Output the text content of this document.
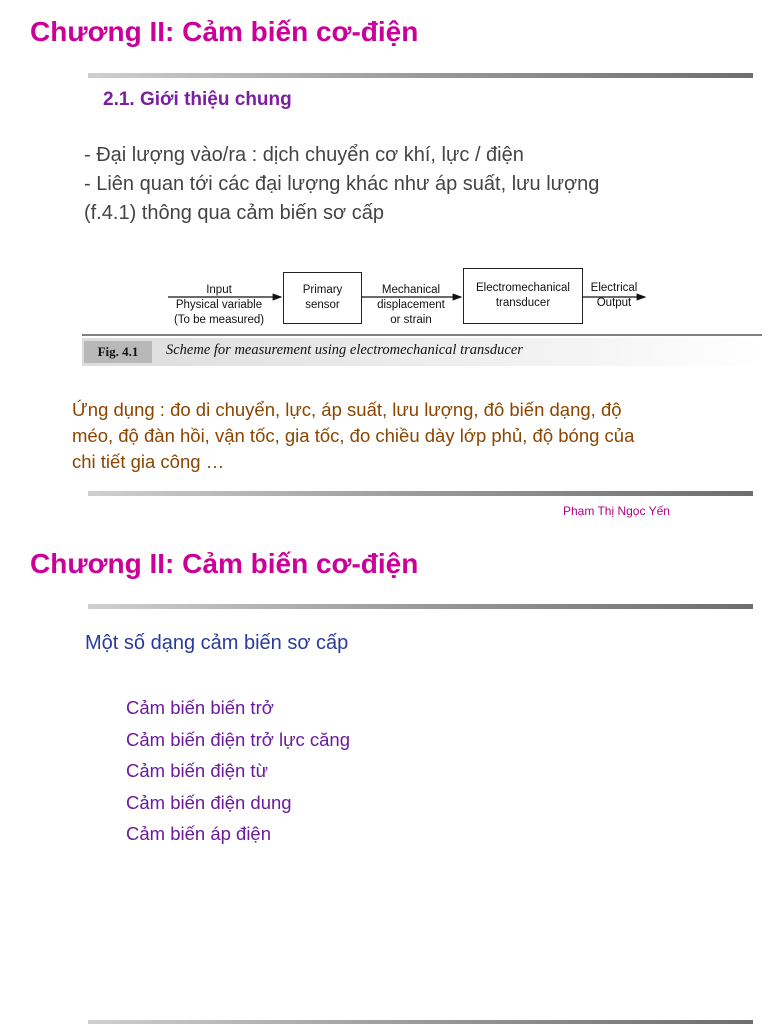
Chương II: Cảm biến cơ-điện
2.1. Giới thiệu chung
- Đại lượng vào/ra : dịch chuyển cơ khí, lực / điện
- Liên quan tới các đại lượng khác như áp suất, lưu lượng
(f.4.1) thông qua cảm biến sơ cấp
Input
Physical variable
(To be measured)
Primary
sensor
Mechanical
displacement
or strain
Electromechanical
transducer
Electrical
Output
Fig. 4.1	Scheme for measurement using electromechanical transducer
Ứng dụng : đo di chuyển, lực, áp suất, lưu lượng, đô biến dạng, độ
méo, độ đàn hồi, vận tốc, gia tốc, đo chiều dày lớp phủ, độ bóng của
chi tiết gia công …
Phạm Thị Ngọc Yến
Chương II: Cảm biến cơ-điện
Một số dạng cảm biến sơ cấp
Cảm biến biến trở
Cảm biến điện trở lực căng
Cảm biến điện từ
Cảm biến điện dung
Cảm biến áp điện
